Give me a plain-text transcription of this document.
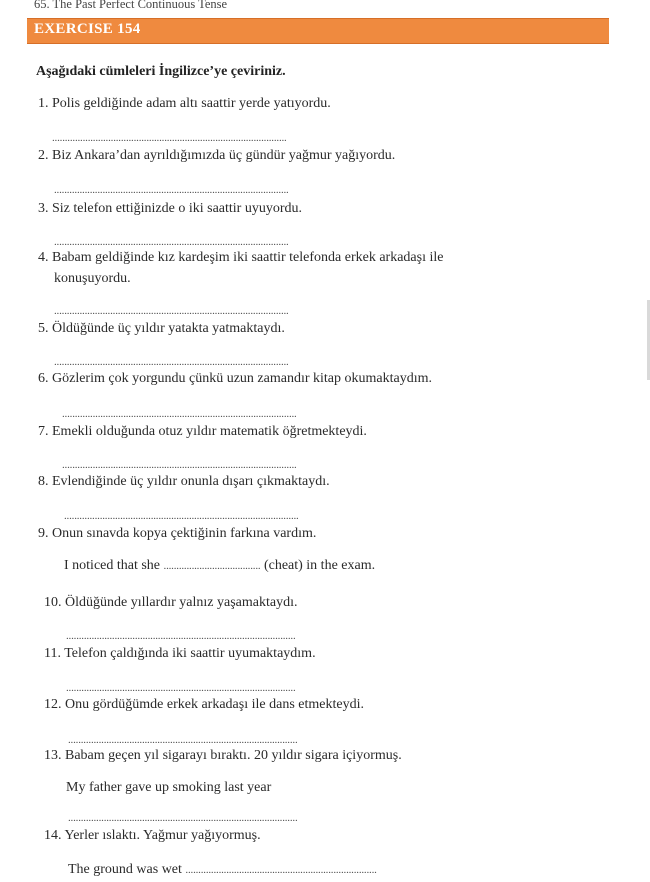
65. The Past Perfect Continuous Tense
EXERCISE 154
Aşağıdaki cümleleri İngilizce’ye çeviriniz.
1. Polis geldiğinde adam altı saattir yerde yatıyordu.
............................................................................................
2. Biz Ankara’dan ayrıldığımızda üç gündür yağmur yağıyordu.
............................................................................................
3. Siz telefon ettiğinizde o iki saattir uyuyordu.
............................................................................................
4. Babam geldiğinde kız kardeşim iki saattir telefonda erkek arkadaşı ile
konuşuyordu.
............................................................................................
5. Öldüğünde üç yıldır yatakta yatmaktaydı.
............................................................................................
6. Gözlerim çok yorgundu çünkü uzun zamandır kitap okumaktaydım.
............................................................................................
7. Emekli olduğunda otuz yıldır matematik öğretmekteydi.
............................................................................................
8. Evlendiğinde üç yıldır onunla dışarı çıkmaktaydı.
............................................................................................
9. Onun sınavda kopya çektiğinin farkına vardım.
I noticed that she ...................................... (cheat) in the exam.
10. Öldüğünde yıllardır yalnız yaşamaktaydı.
..........................................................................................
11. Telefon çaldığında iki saattir uyumaktaydım.
..........................................................................................
12. Onu gördüğümde erkek arkadaşı ile dans etmekteydi.
..........................................................................................
13. Babam geçen yıl sigarayı bıraktı. 20 yıldır sigara içiyormuş.
My father gave up smoking last year
..........................................................................................
14. Yerler ıslaktı. Yağmur yağıyormuş.
The ground was wet ...........................................................................
